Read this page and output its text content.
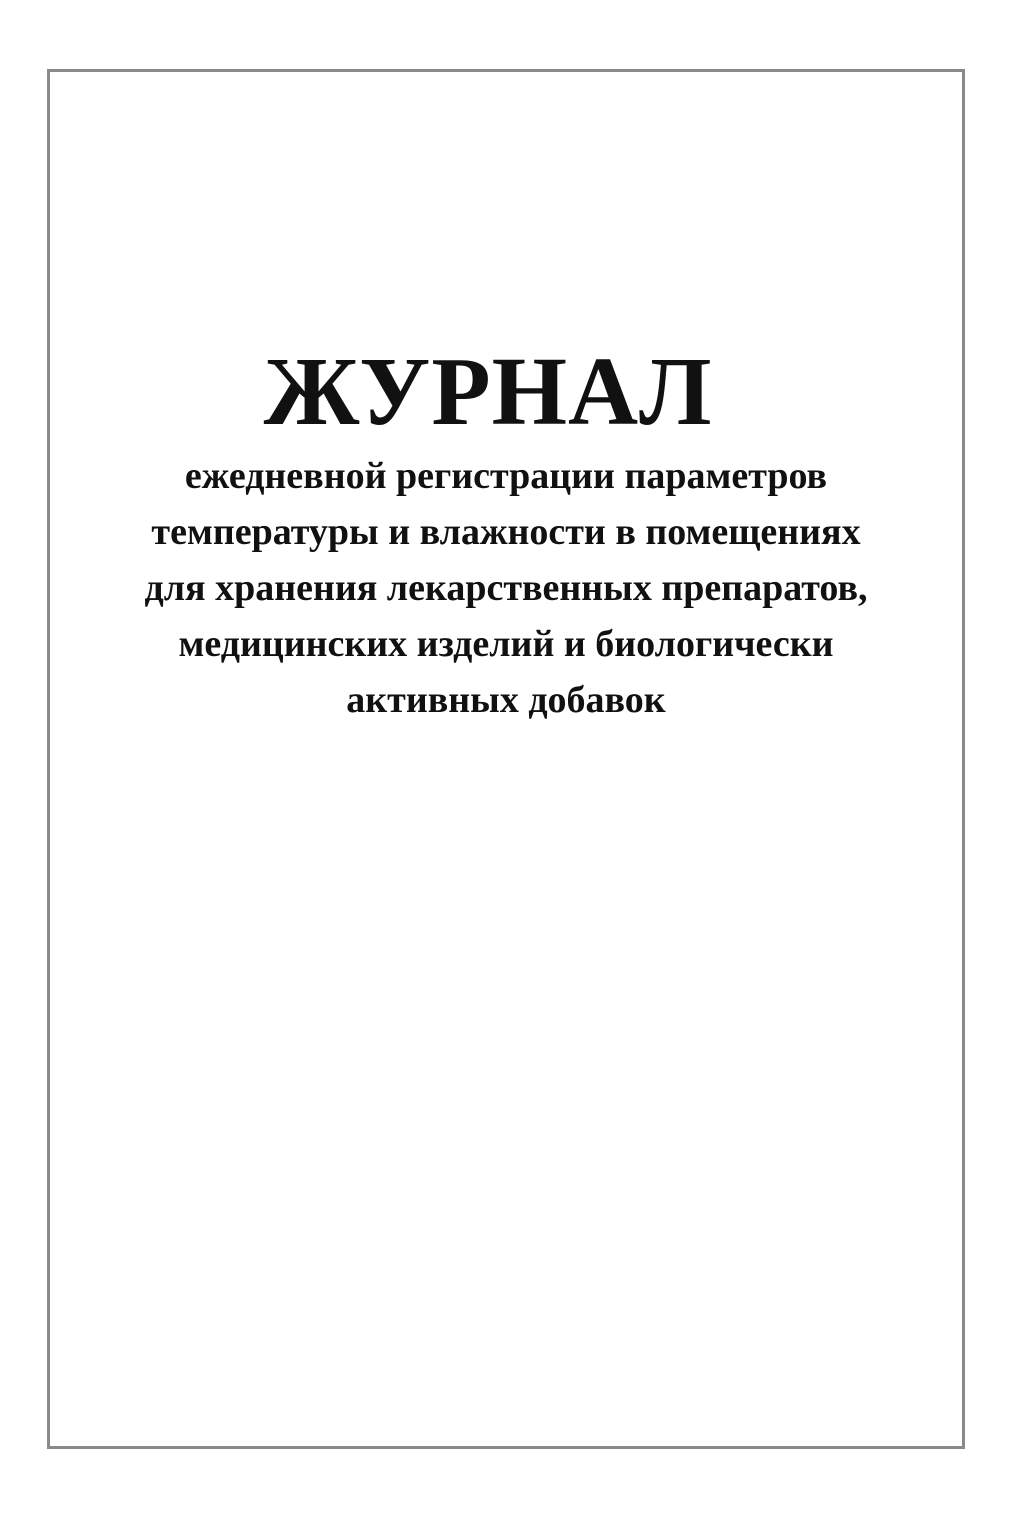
ЖУРНАЛ
ежедневной регистрации параметров
температуры и влажности в помещениях
для хранения лекарственных препаратов,
медицинских изделий и биологически
активных добавок
